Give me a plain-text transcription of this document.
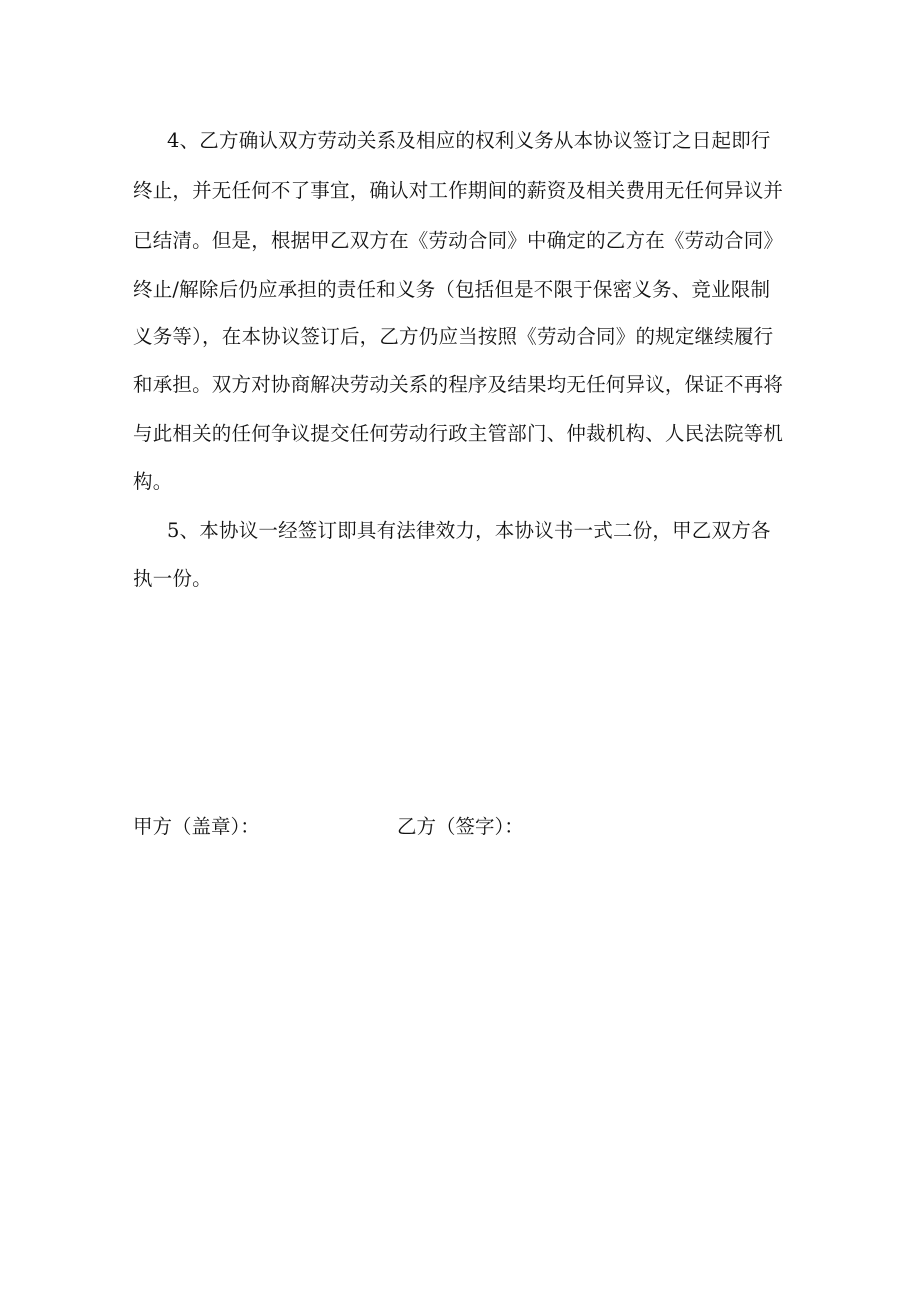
4、乙方确认双方劳动关系及相应的权利义务从本协议签订之日起即行
终止，并无任何不了事宜，确认对工作期间的薪资及相关费用无任何异议并
已结清。但是，根据甲乙双方在《劳动合同》中确定的乙方在《劳动合同》
终止/解除后仍应承担的责任和义务（包括但是不限于保密义务、竞业限制
义务等），在本协议签订后，乙方仍应当按照《劳动合同》的规定继续履行
和承担。双方对协商解决劳动关系的程序及结果均无任何异议，保证不再将
与此相关的任何争议提交任何劳动行政主管部门、仲裁机构、人民法院等机
构。
5、本协议一经签订即具有法律效力，本协议书一式二份，甲乙双方各
执一份。
甲方（盖章）：	乙方（签字）：
